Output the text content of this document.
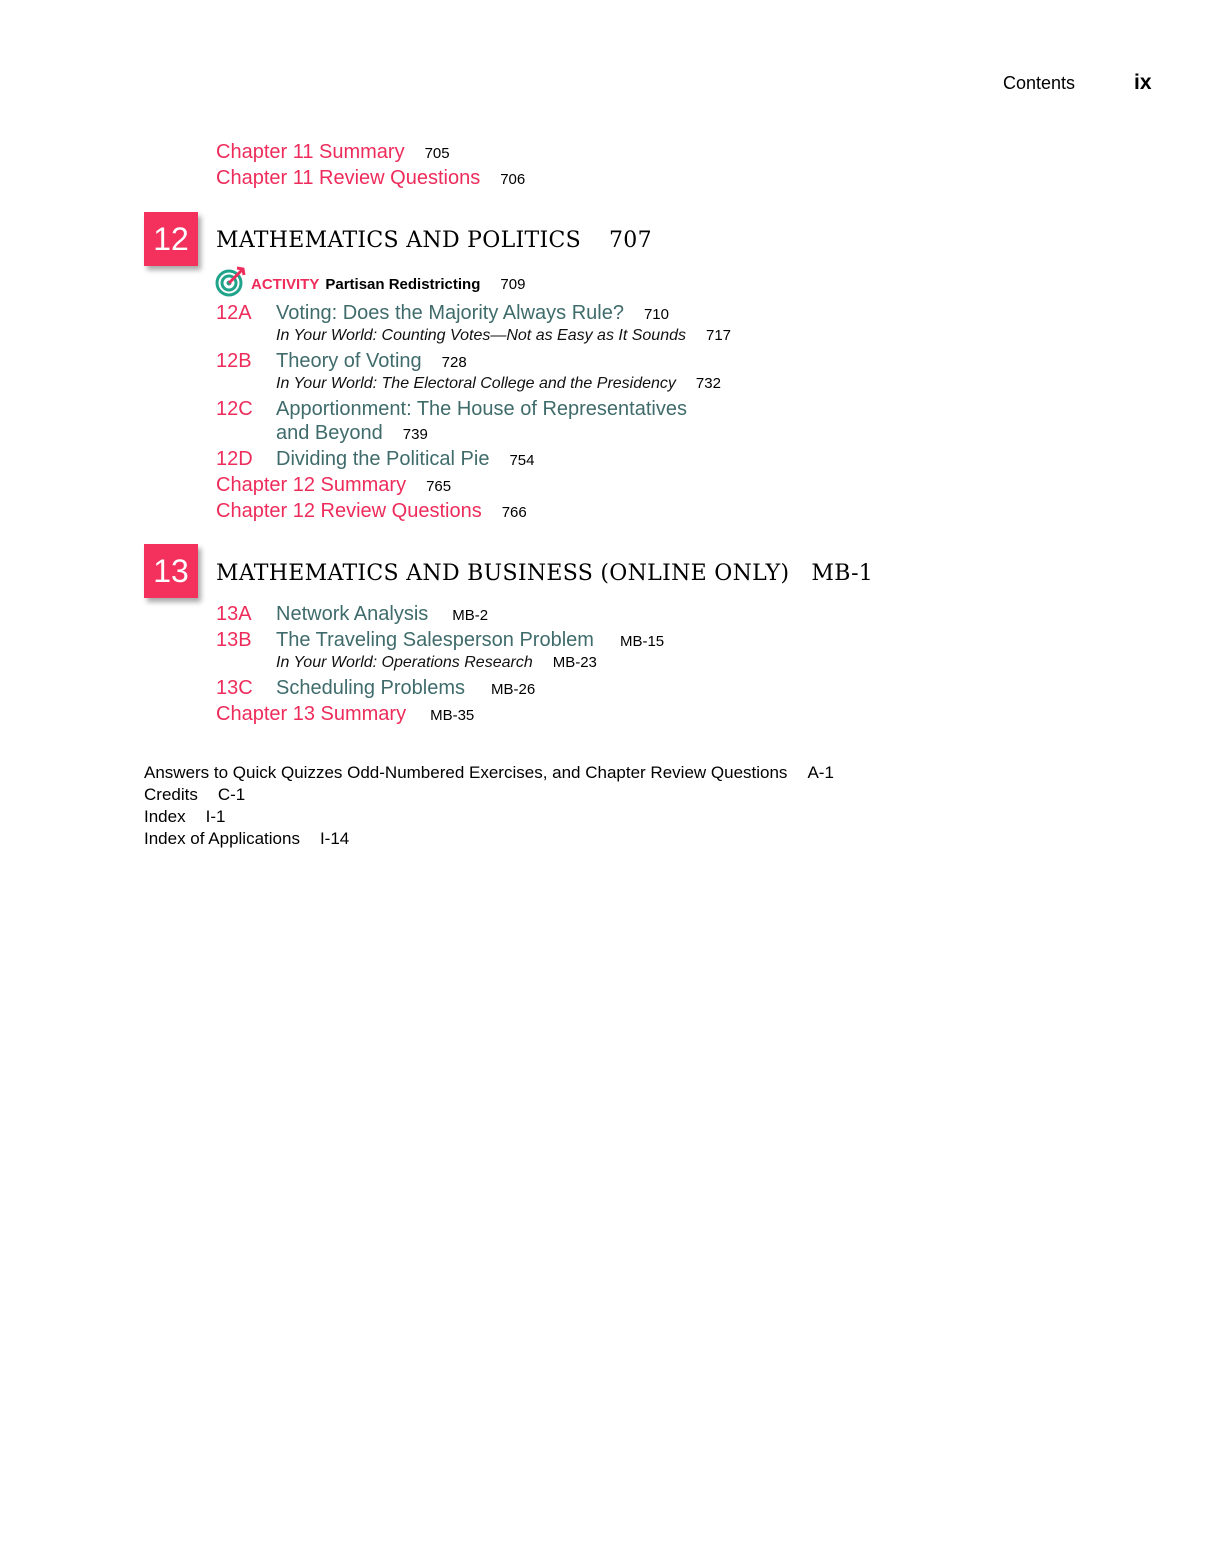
Contents	ix
Chapter 11 Summary 705
Chapter 11 Review Questions 706
12	MATHEMATICS AND POLITICS 707
ACTIVITY Partisan Redistricting 709
12A Voting: Does the Majority Always Rule? 710
In Your World: Counting Votes—Not as Easy as It Sounds 717
12B Theory of Voting 728
In Your World: The Electoral College and the Presidency 732
12C Apportionment: The House of Representatives
and Beyond 739
12D Dividing the Political Pie 754
Chapter 12 Summary 765
Chapter 12 Review Questions 766
13	MATHEMATICS AND BUSINESS (ONLINE ONLY) MB-1
13A Network Analysis MB-2
13B The Traveling Salesperson Problem MB-15
In Your World: Operations Research MB-23
13C Scheduling Problems MB-26
Chapter 13 Summary MB-35
Answers to Quick Quizzes Odd-Numbered Exercises, and Chapter Review Questions A-1
Credits C-1
Index I-1
Index of Applications I-14
